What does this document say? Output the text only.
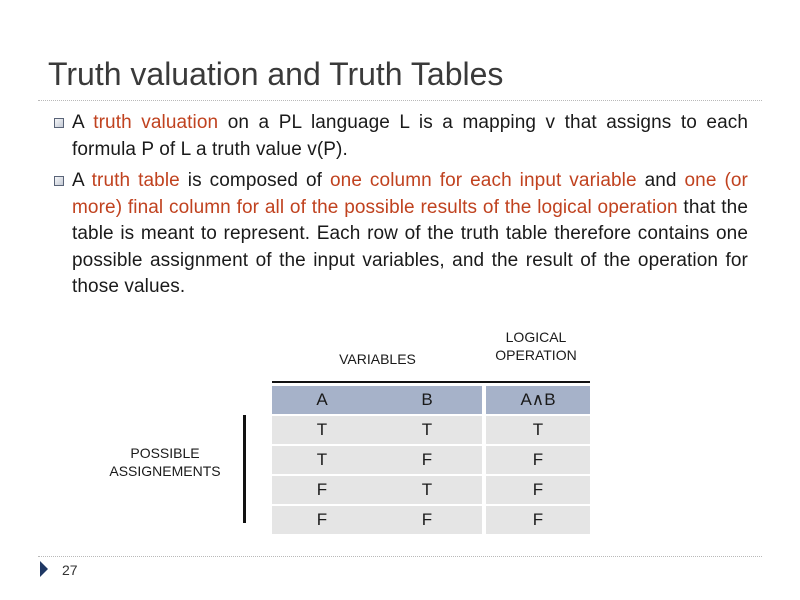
Truth valuation and Truth Tables

A truth valuation on a PL language L is a mapping v that assigns to each formula P of L a truth value v(P).

A truth table is composed of one column for each input variable and one (or more) final column for all of the possible results of the logical operation that the table is meant to represent. Each row of the truth table therefore contains one possible assignment of the input variables, and the result of the operation for those values.

VARIABLES
LOGICAL
OPERATION
POSSIBLE
ASSIGNEMENTS
A	B		A∧B
T	T		T
T	F		F
F	T		F
F	F		F
27
